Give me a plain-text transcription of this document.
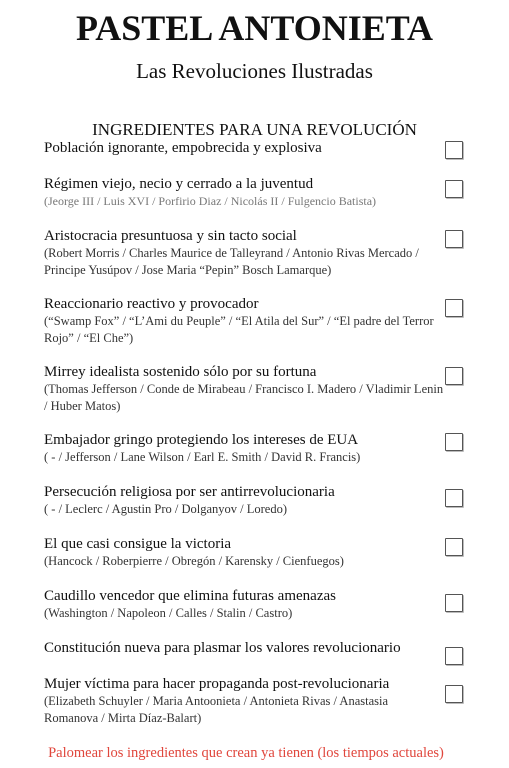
PASTEL ANTONIETA
Las Revoluciones Ilustradas
INGREDIENTES PARA UNA REVOLUCIÓN
Población ignorante, empobrecida y explosiva
Régimen viejo, necio y cerrado a la juventud
(Jeorge III / Luis XVI / Porfirio Diaz / Nicolás II / Fulgencio Batista)
Aristocracia presuntuosa y sin tacto social
(Robert Morris / Charles Maurice de Talleyrand / Antonio Rivas Mercado / Principe Yusúpov / Jose Maria “Pepin” Bosch Lamarque)
Reaccionario reactivo y provocador
(“Swamp Fox” / “L’Ami du Peuple” / “El Atila del Sur” / “El padre del Terror Rojo” / “El Che”)
Mirrey idealista sostenido sólo por su fortuna
(Thomas Jefferson / Conde de Mirabeau / Francisco I. Madero / Vladimir Lenin / Huber Matos)
Embajador gringo protegiendo los intereses de EUA
( - / Jefferson / Lane Wilson / Earl E. Smith / David R. Francis)
Persecución religiosa por ser antirrevolucionaria
( - / Leclerc / Agustin Pro / Dolganyov / Loredo)
El que casi consigue la victoria
(Hancock / Roberpierre / Obregón / Karensky / Cienfuegos)
Caudillo vencedor que elimina futuras amenazas
(Washington / Napoleon / Calles / Stalin / Castro)
Constitución nueva para plasmar los valores revolucionario
Mujer víctima para hacer propaganda post-revolucionaria
(Elizabeth Schuyler / Maria Antoonieta / Antonieta Rivas / Anastasia Romanova / Mirta Díaz-Balart)
Palomear los ingredientes que crean ya tienen (los tiempos actuales)
